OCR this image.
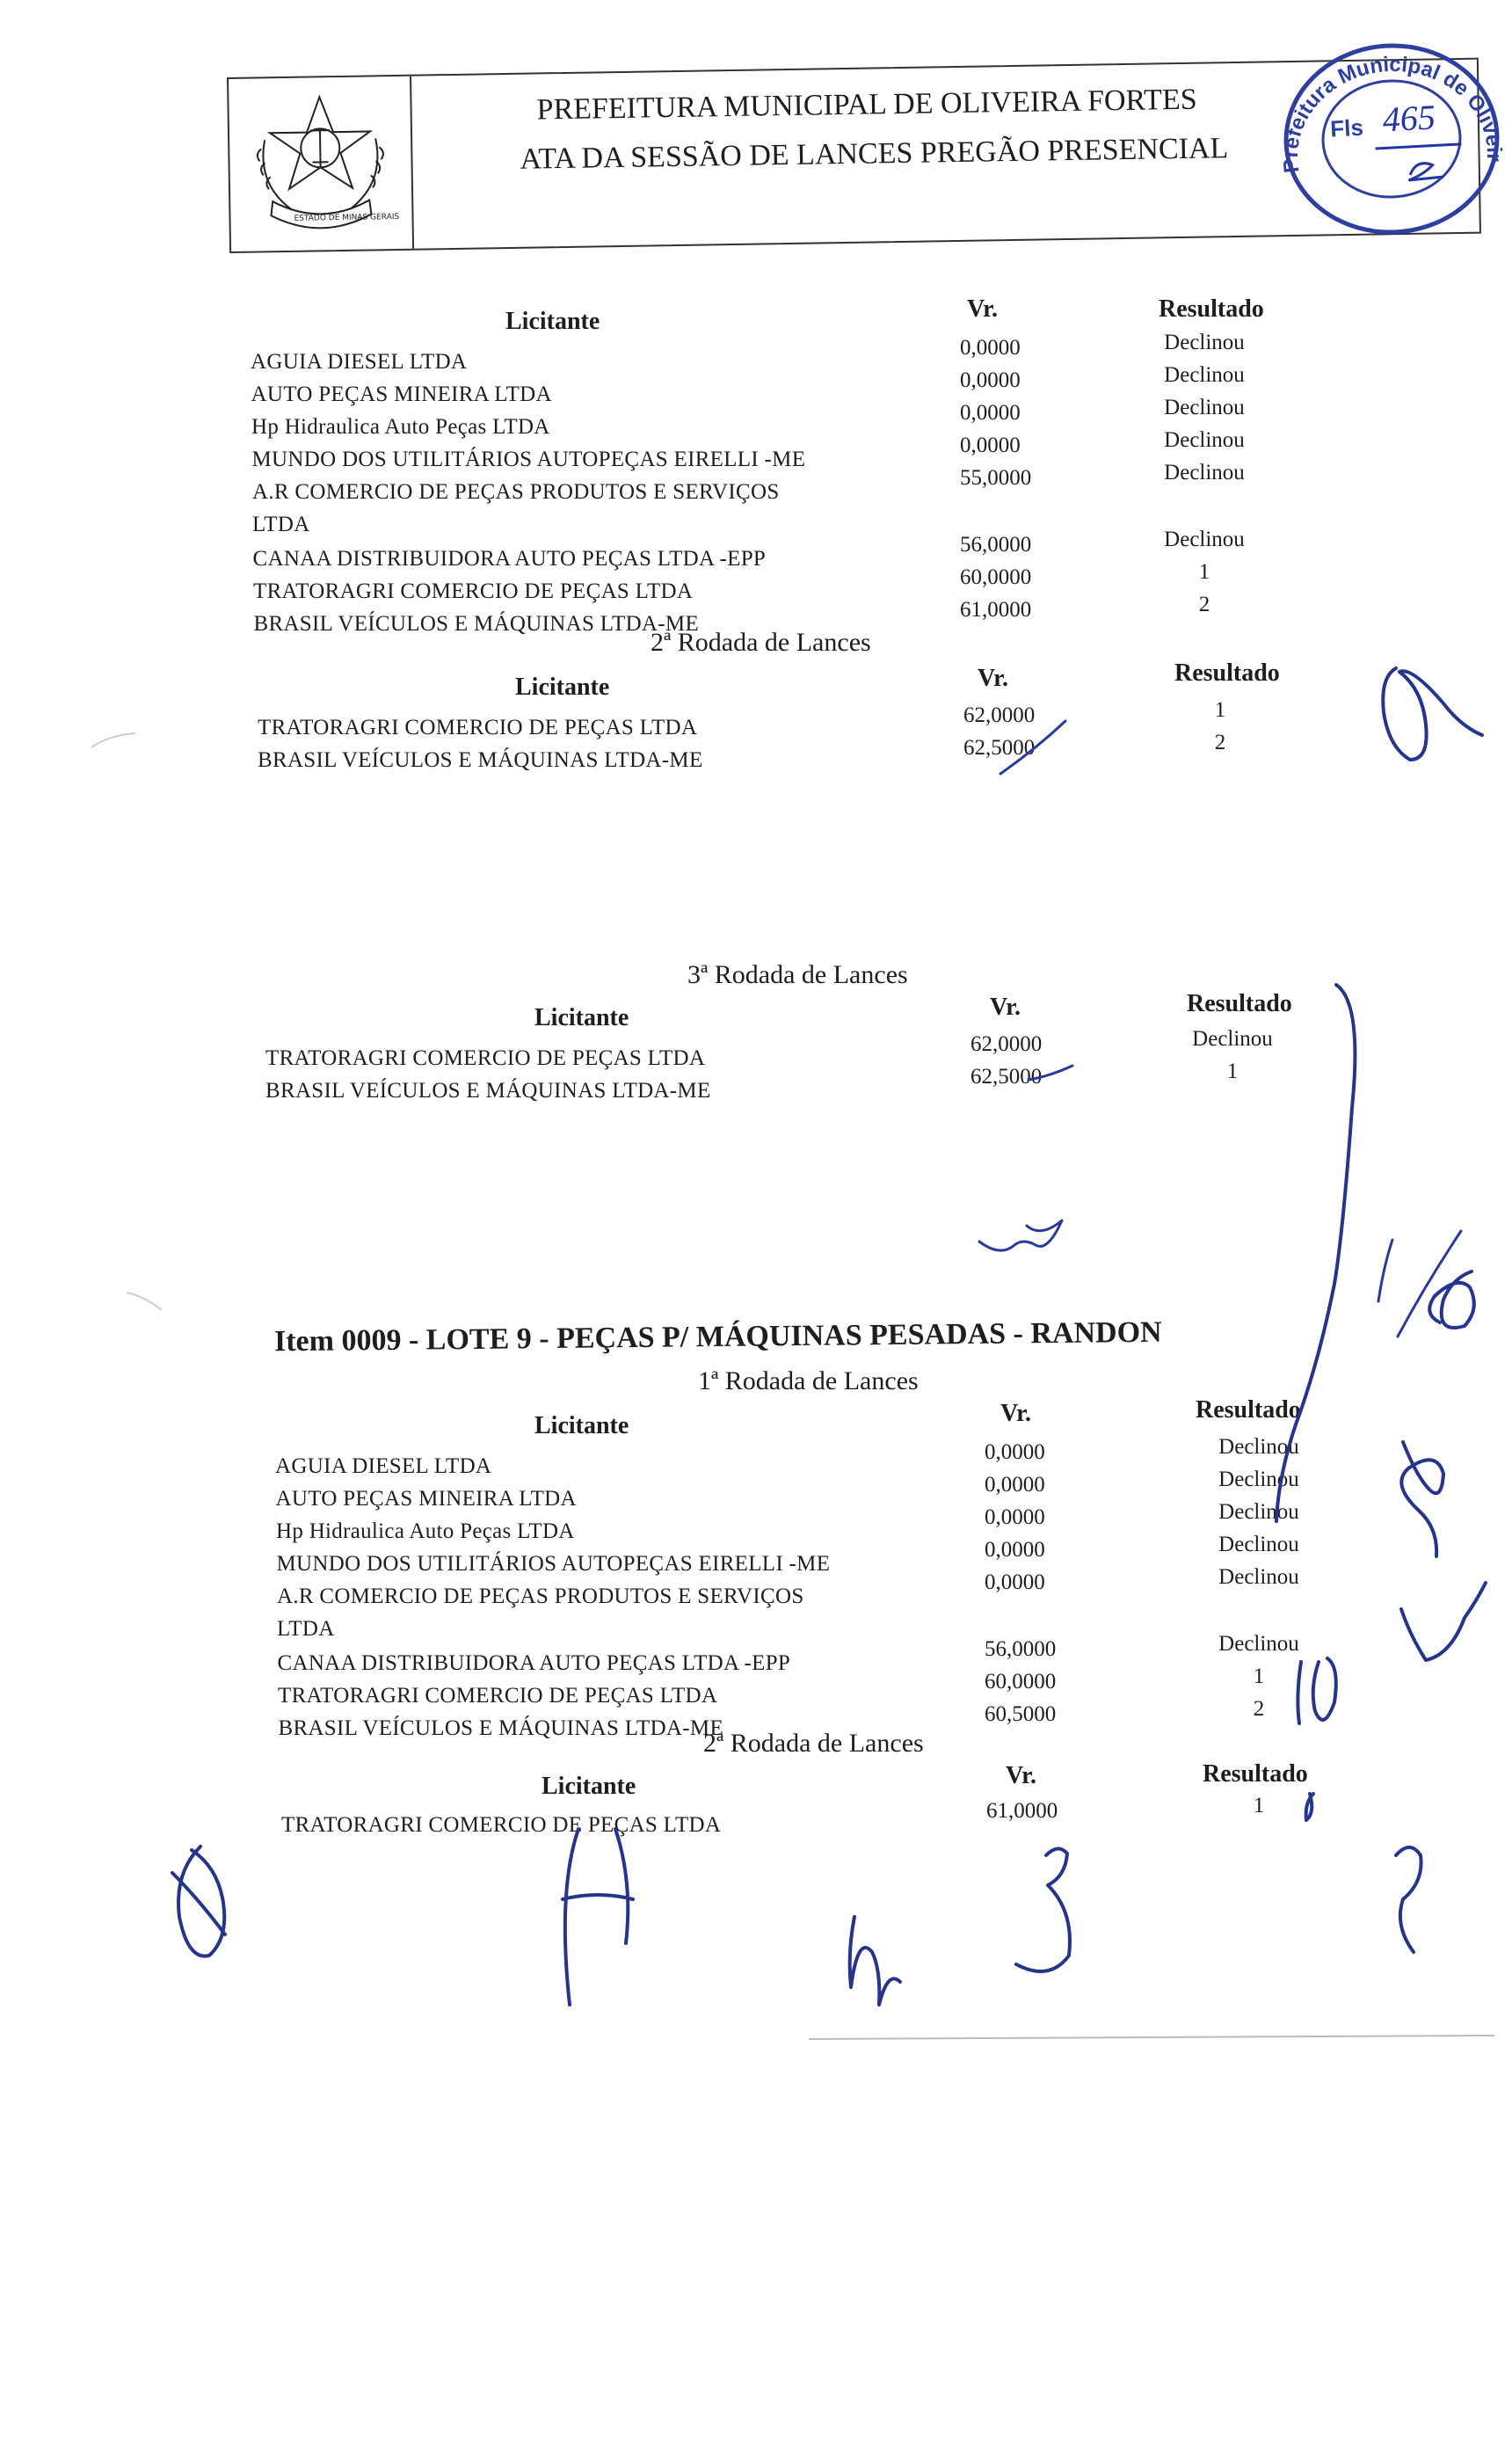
ESTADO DE MINAS GERAIS
PREFEITURA MUNICIPAL DE OLIVEIRA FORTES
ATA DA SESSÃO DE LANCES PREGÃO PRESENCIAL	Prefeitura Municipal de Oliveira Fortes
Fls 465
Licitante	Vr.	Resultado
AGUIA DIESEL LTDA
0,0000	Declinou
AUTO PEÇAS MINEIRA LTDA
0,0000	Declinou
Hp Hidraulica Auto Peças LTDA
0,0000	Declinou
MUNDO DOS UTILITÁRIOS AUTOPEÇAS EIRELLI -ME
0,0000	Declinou
A.R COMERCIO DE PEÇAS PRODUTOS E SERVIÇOS
LTDA
55,0000	Declinou
CANAA DISTRIBUIDORA AUTO PEÇAS LTDA -EPP
56,0000	Declinou
TRATORAGRI COMERCIO DE PEÇAS LTDA
60,0000	1
BRASIL VEÍCULOS E MÁQUINAS LTDA-ME
61,0000	2
2ª Rodada de Lances
Licitante	Vr.	Resultado
TRATORAGRI COMERCIO DE PEÇAS LTDA
62,0000	1
BRASIL VEÍCULOS E MÁQUINAS LTDA-ME
62,5000	2
3ª Rodada de Lances
Licitante	Vr.	Resultado
TRATORAGRI COMERCIO DE PEÇAS LTDA
62,0000	Declinou
BRASIL VEÍCULOS E MÁQUINAS LTDA-ME
62,5000	1
Item 0009 - LOTE 9 - PEÇAS P/ MÁQUINAS PESADAS - RANDON
1ª Rodada de Lances
Licitante	Vr.	Resultado
AGUIA DIESEL LTDA
0,0000	Declinou
AUTO PEÇAS MINEIRA LTDA
0,0000	Declinou
Hp Hidraulica Auto Peças LTDA
0,0000	Declinou
MUNDO DOS UTILITÁRIOS AUTOPEÇAS EIRELLI -ME
0,0000	Declinou
A.R COMERCIO DE PEÇAS PRODUTOS E SERVIÇOS
LTDA
0,0000	Declinou
CANAA DISTRIBUIDORA AUTO PEÇAS LTDA -EPP
56,0000	Declinou
TRATORAGRI COMERCIO DE PEÇAS LTDA
60,0000	1
BRASIL VEÍCULOS E MÁQUINAS LTDA-ME
60,5000	2
2ª Rodada de Lances
Licitante	Vr.	Resultado
TRATORAGRI COMERCIO DE PEÇAS LTDA
61,0000	1
